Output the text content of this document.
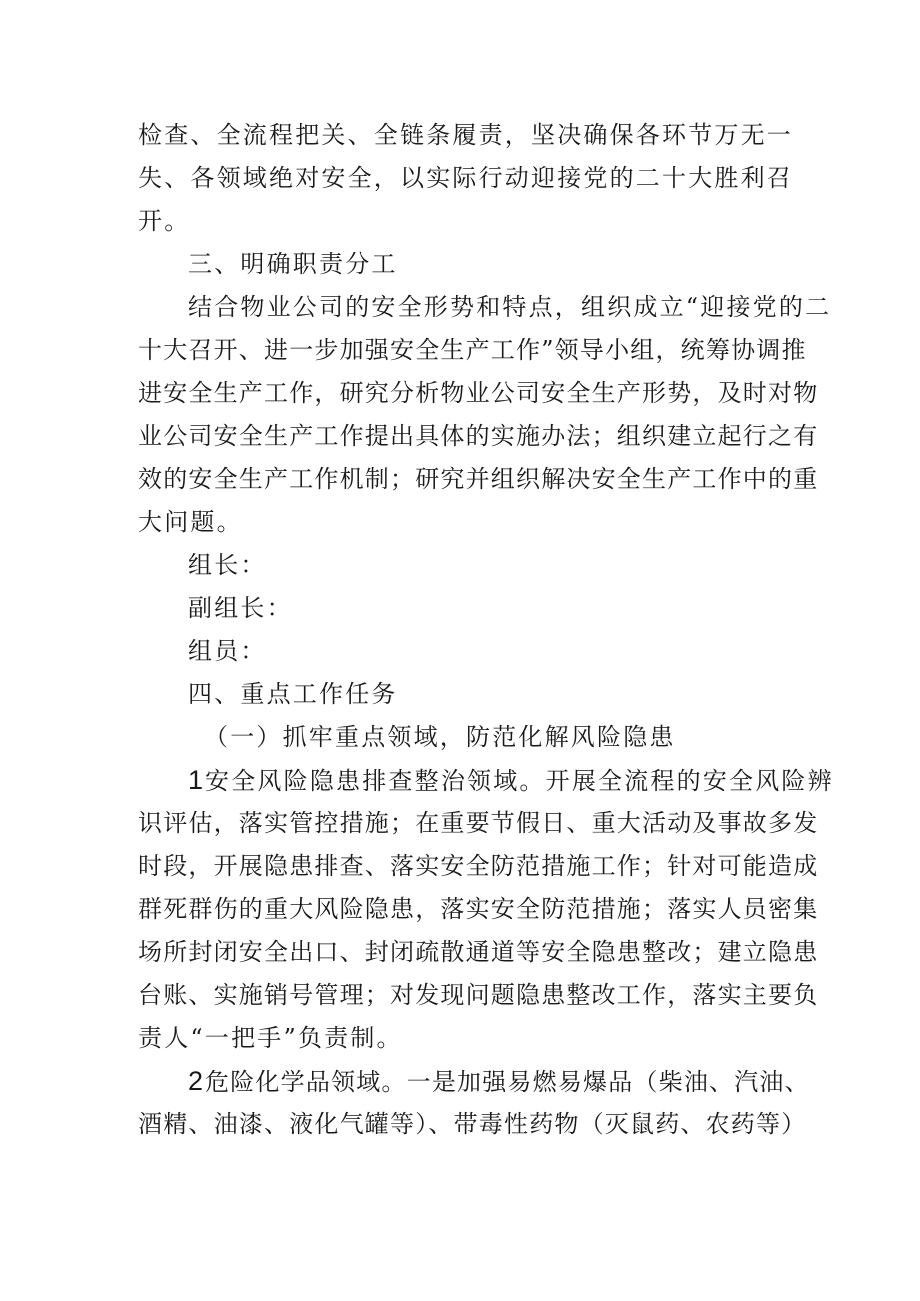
检查、全流程把关、全链条履责，坚决确保各环节万无一
失、各领域绝对安全，以实际行动迎接党的二十大胜利召
开。
三、明确职责分工
结合物业公司的安全形势和特点，组织成立“迎接党的二
十大召开、进一步加强安全生产工作”领导小组，统筹协调推
进安全生产工作，研究分析物业公司安全生产形势，及时对物
业公司安全生产工作提出具体的实施办法；组织建立起行之有
效的安全生产工作机制；研究并组织解决安全生产工作中的重
大问题。
组长：
副组长：
组员：
四、重点工作任务
（一）抓牢重点领域，防范化解风险隐患
1安全风险隐患排查整治领域。开展全流程的安全风险辨
识评估，落实管控措施；在重要节假日、重大活动及事故多发
时段，开展隐患排查、落实安全防范措施工作；针对可能造成
群死群伤的重大风险隐患，落实安全防范措施；落实人员密集
场所封闭安全出口、封闭疏散通道等安全隐患整改；建立隐患
台账、实施销号管理；对发现问题隐患整改工作，落实主要负
责人“一把手”负责制。
2危险化学品领域。一是加强易燃易爆品（柴油、汽油、
酒精、油漆、液化气罐等）、带毒性药物（灭鼠药、农药等）
